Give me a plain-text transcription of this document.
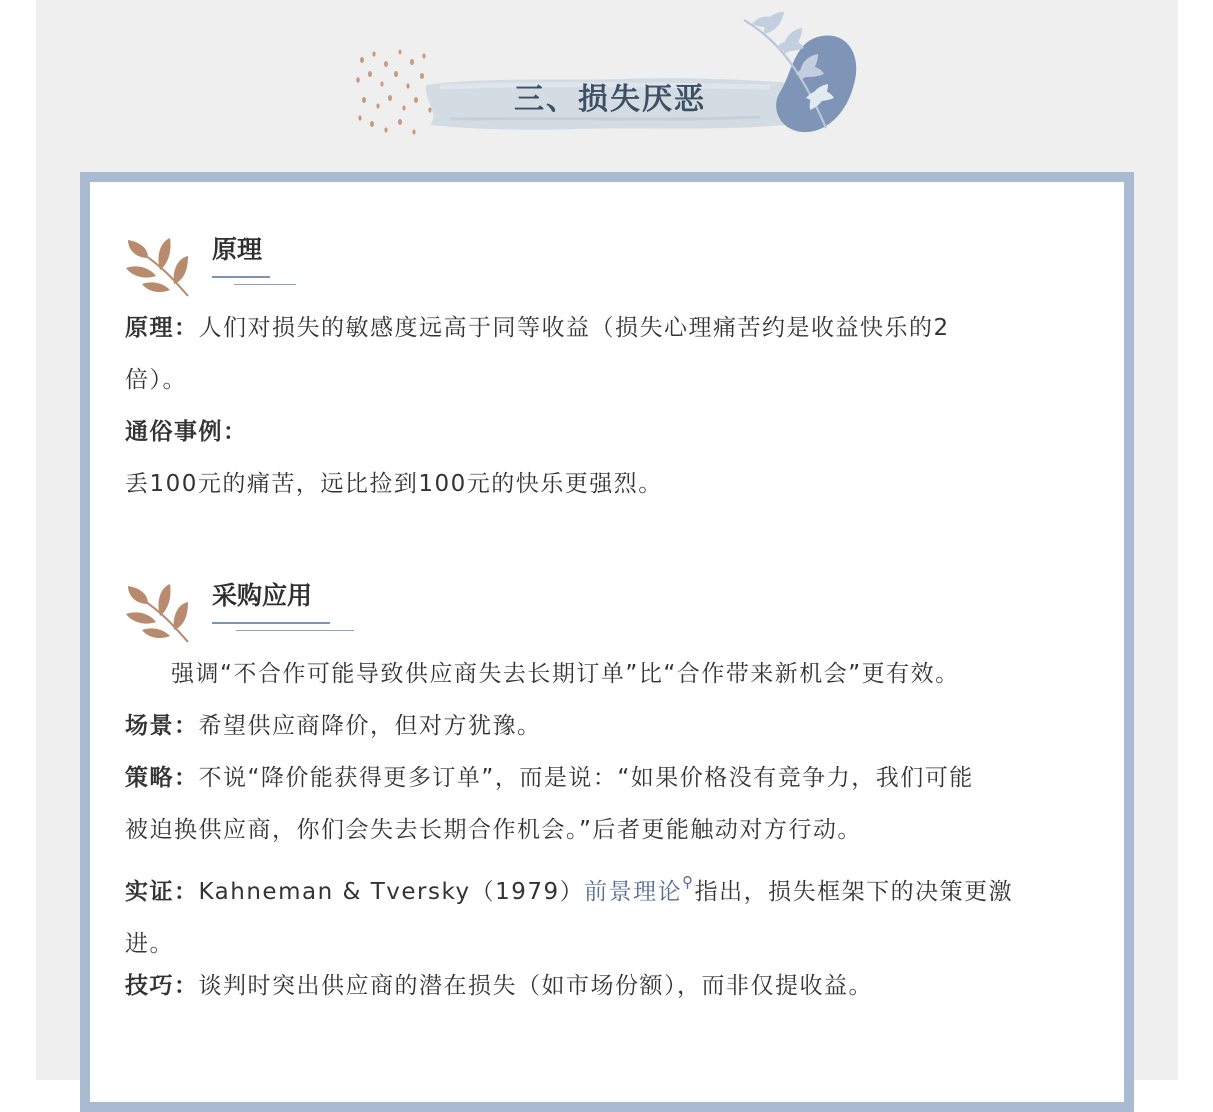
三、损失厌恶
原理

原理：人们对损失的敏感度远高于同等收益（损失心理痛苦约是收益快乐的2
倍）。

通俗事例：
丢100元的痛苦，远比捡到100元的快乐更强烈。

采购应用

强调“不合作可能导致供应商失去长期订单”比“合作带来新机会”更有效。

场景：希望供应商降价，但对方犹豫。

策略：不说“降价能获得更多订单”，而是说：“如果价格没有竞争力，我们可能
被迫换供应商，你们会失去长期合作机会。”后者更能触动对方行动。

实证：Kahneman & Tversky（1979）前景理论⚲指出，损失框架下的决策更激
进。

技巧：谈判时突出供应商的潜在损失（如市场份额），而非仅提收益。
